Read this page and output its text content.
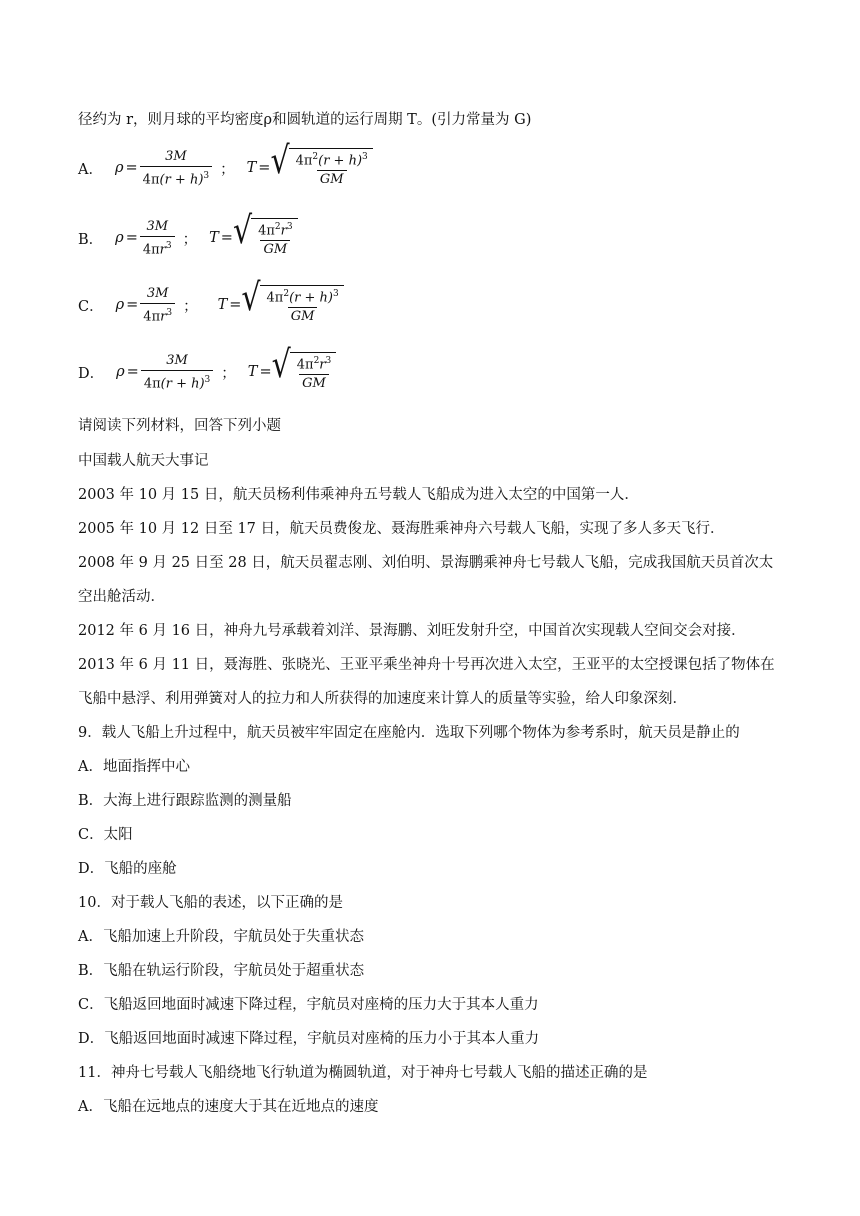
径约为 r，则月球的平均密度ρ和圆轨道的运行周期 T。(引力常量为 G)
A． $\rho = \frac{3M}{4\pi(r + h)^3}$ ； T = √ $\frac{4\pi^2(r + h)^3}{GM}$
B． $\rho = \frac{3M}{4\pi r^3}$ ； T = √ $\frac{4\pi^2r^3}{GM}$
C． $\rho = \frac{3M}{4\pi r^3}$ ； T = √ $\frac{4\pi^2(r + h)^3}{GM}$
D． $\rho = \frac{3M}{4\pi(r + h)^3}$ ； T = √ $\frac{4\pi^2r^3}{GM}$
请阅读下列材料，回答下列小题
中国载人航天大事记
2003 年 10 月 15 日，航天员杨利伟乘神舟五号载人飞船成为进入太空的中国第一人．
2005 年 10 月 12 日至 17 日，航天员费俊龙、聂海胜乘神舟六号载人飞船，实现了多人多天飞行．
2008 年 9 月 25 日至 28 日，航天员翟志刚、刘伯明、景海鹏乘神舟七号载人飞船，完成我国航天员首次太
空出舱活动．
2012 年 6 月 16 日，神舟九号承载着刘洋、景海鹏、刘旺发射升空，中国首次实现载人空间交会对接．
2013 年 6 月 11 日，聂海胜、张晓光、王亚平乘坐神舟十号再次进入太空，王亚平的太空授课包括了物体在
飞船中悬浮、利用弹簧对人的拉力和人所获得的加速度来计算人的质量等实验，给人印象深刻．
9．载人飞船上升过程中，航天员被牢牢固定在座舱内．选取下列哪个物体为参考系时，航天员是静止的
A．地面指挥中心
B．大海上进行跟踪监测的测量船
C．太阳
D．飞船的座舱
10．对于载人飞船的表述，以下正确的是
A．飞船加速上升阶段，宇航员处于失重状态
B．飞船在轨运行阶段，宇航员处于超重状态
C．飞船返回地面时减速下降过程，宇航员对座椅的压力大于其本人重力
D．飞船返回地面时减速下降过程，宇航员对座椅的压力小于其本人重力
11．神舟七号载人飞船绕地飞行轨道为椭圆轨道，对于神舟七号载人飞船的描述正确的是
A．飞船在远地点的速度大于其在近地点的速度
